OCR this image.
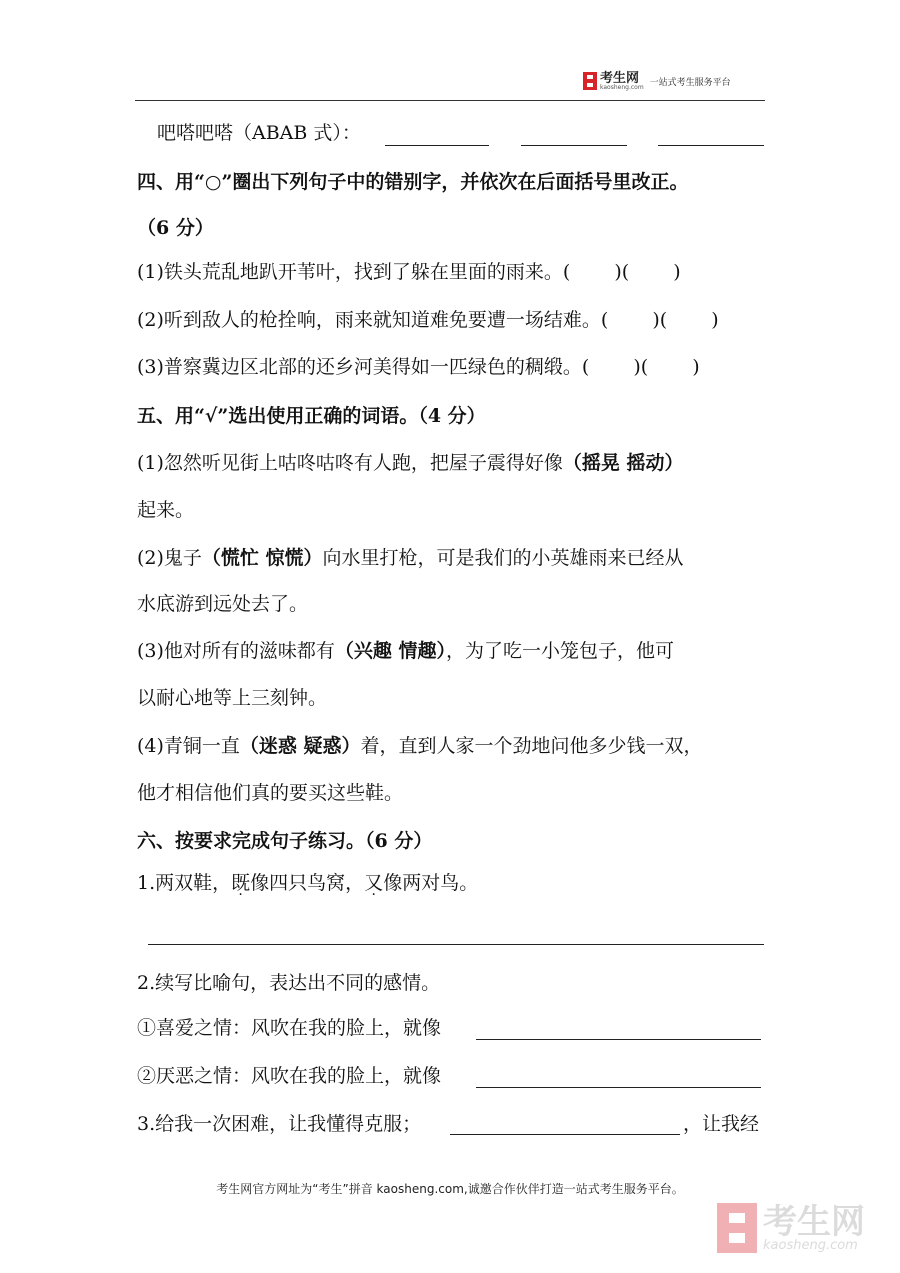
考生网
kaosheng.com 一站式考生服务平台
吧嗒吧嗒（ABAB 式）：
四、用“○”圈出下列句子中的错别字，并依次在后面括号里改正。
（6 分）
(1)铁头荒乱地趴开苇叶，找到了躲在里面的雨来。( )( )
(2)听到敌人的枪拴响，雨来就知道难免要遭一场结难。( )( )
(3)普察冀边区北部的还乡河美得如一匹绿色的稠缎。( )( )
五、用“√”选出使用正确的词语。（4 分）
(1)忽然听见街上咕咚咕咚有人跑，把屋子震得好像（摇晃 摇动）
起来。
(2)鬼子（慌忙 惊慌）向水里打枪，可是我们的小英雄雨来已经从
水底游到远处去了。
(3)他对所有的滋味都有（兴趣 情趣），为了吃一小笼包子，他可
以耐心地等上三刻钟。
(4)青铜一直（迷惑 疑惑）着，直到人家一个劲地问他多少钱一双，
他才相信他们真的要买这些鞋。
六、按要求完成句子练习。（6 分）
1.两双鞋，既像四只鸟窝，又像两对鸟。
2.续写比喻句，表达出不同的感情。
①喜爱之情：风吹在我的脸上，就像
②厌恶之情：风吹在我的脸上，就像
3.给我一次困难，让我懂得克服；	，让我经
考生网官方网址为“考生”拼音 kaosheng.com,诚邀合作伙伴打造一站式考生服务平台。
考生网
kaosheng.com
